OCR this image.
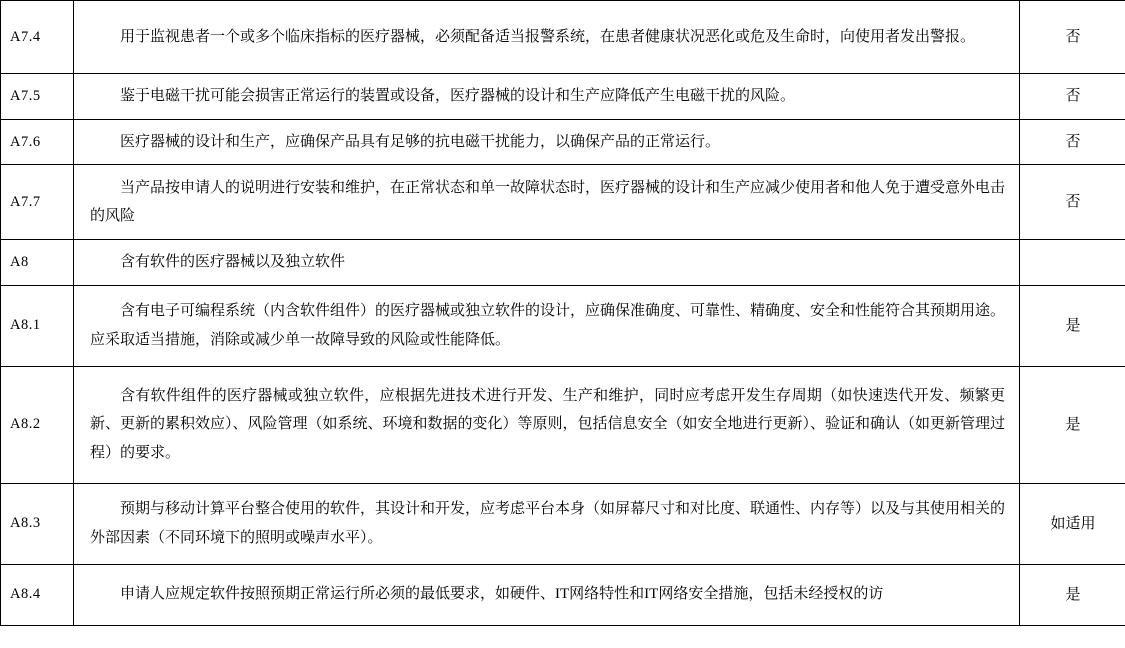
A7.4	用于监视患者一个或多个临床指标的医疗器械，必须配备适当报警系统，在患者健康状况恶化或危及生命时，向使用者发出警报。	否

A7.5	鉴于电磁干扰可能会损害正常运行的装置或设备，医疗器械的设计和生产应降低产生电磁干扰的风险。	否

A7.6	医疗器械的设计和生产，应确保产品具有足够的抗电磁干扰能力，以确保产品的正常运行。	否

A7.7	当产品按申请人的说明进行安装和维护，在正常状态和单一故障状态时，医疗器械的设计和生产应减少使用者和他人免于遭受意外电击的风险	否

A8	含有软件的医疗器械以及独立软件	

A8.1	含有电子可编程系统（内含软件组件）的医疗器械或独立软件的设计，应确保准确度、可靠性、精确度、安全和性能符合其预期用途。应采取适当措施，消除或减少单一故障导致的风险或性能降低。	是

A8.2	含有软件组件的医疗器械或独立软件，应根据先进技术进行开发、生产和维护，同时应考虑开发生存周期（如快速迭代开发、频繁更新、更新的累积效应）、风险管理（如系统、环境和数据的变化）等原则，包括信息安全（如安全地进行更新）、验证和确认（如更新管理过程）的要求。	是

A8.3	预期与移动计算平台整合使用的软件，其设计和开发，应考虑平台本身（如屏幕尺寸和对比度、联通性、内存等）以及与其使用相关的外部因素（不同环境下的照明或噪声水平）。	如适用

A8.4	申请人应规定软件按照预期正常运行所必须的最低要求，如硬件、IT网络特性和IT网络安全措施，包括未经授权的访	是
